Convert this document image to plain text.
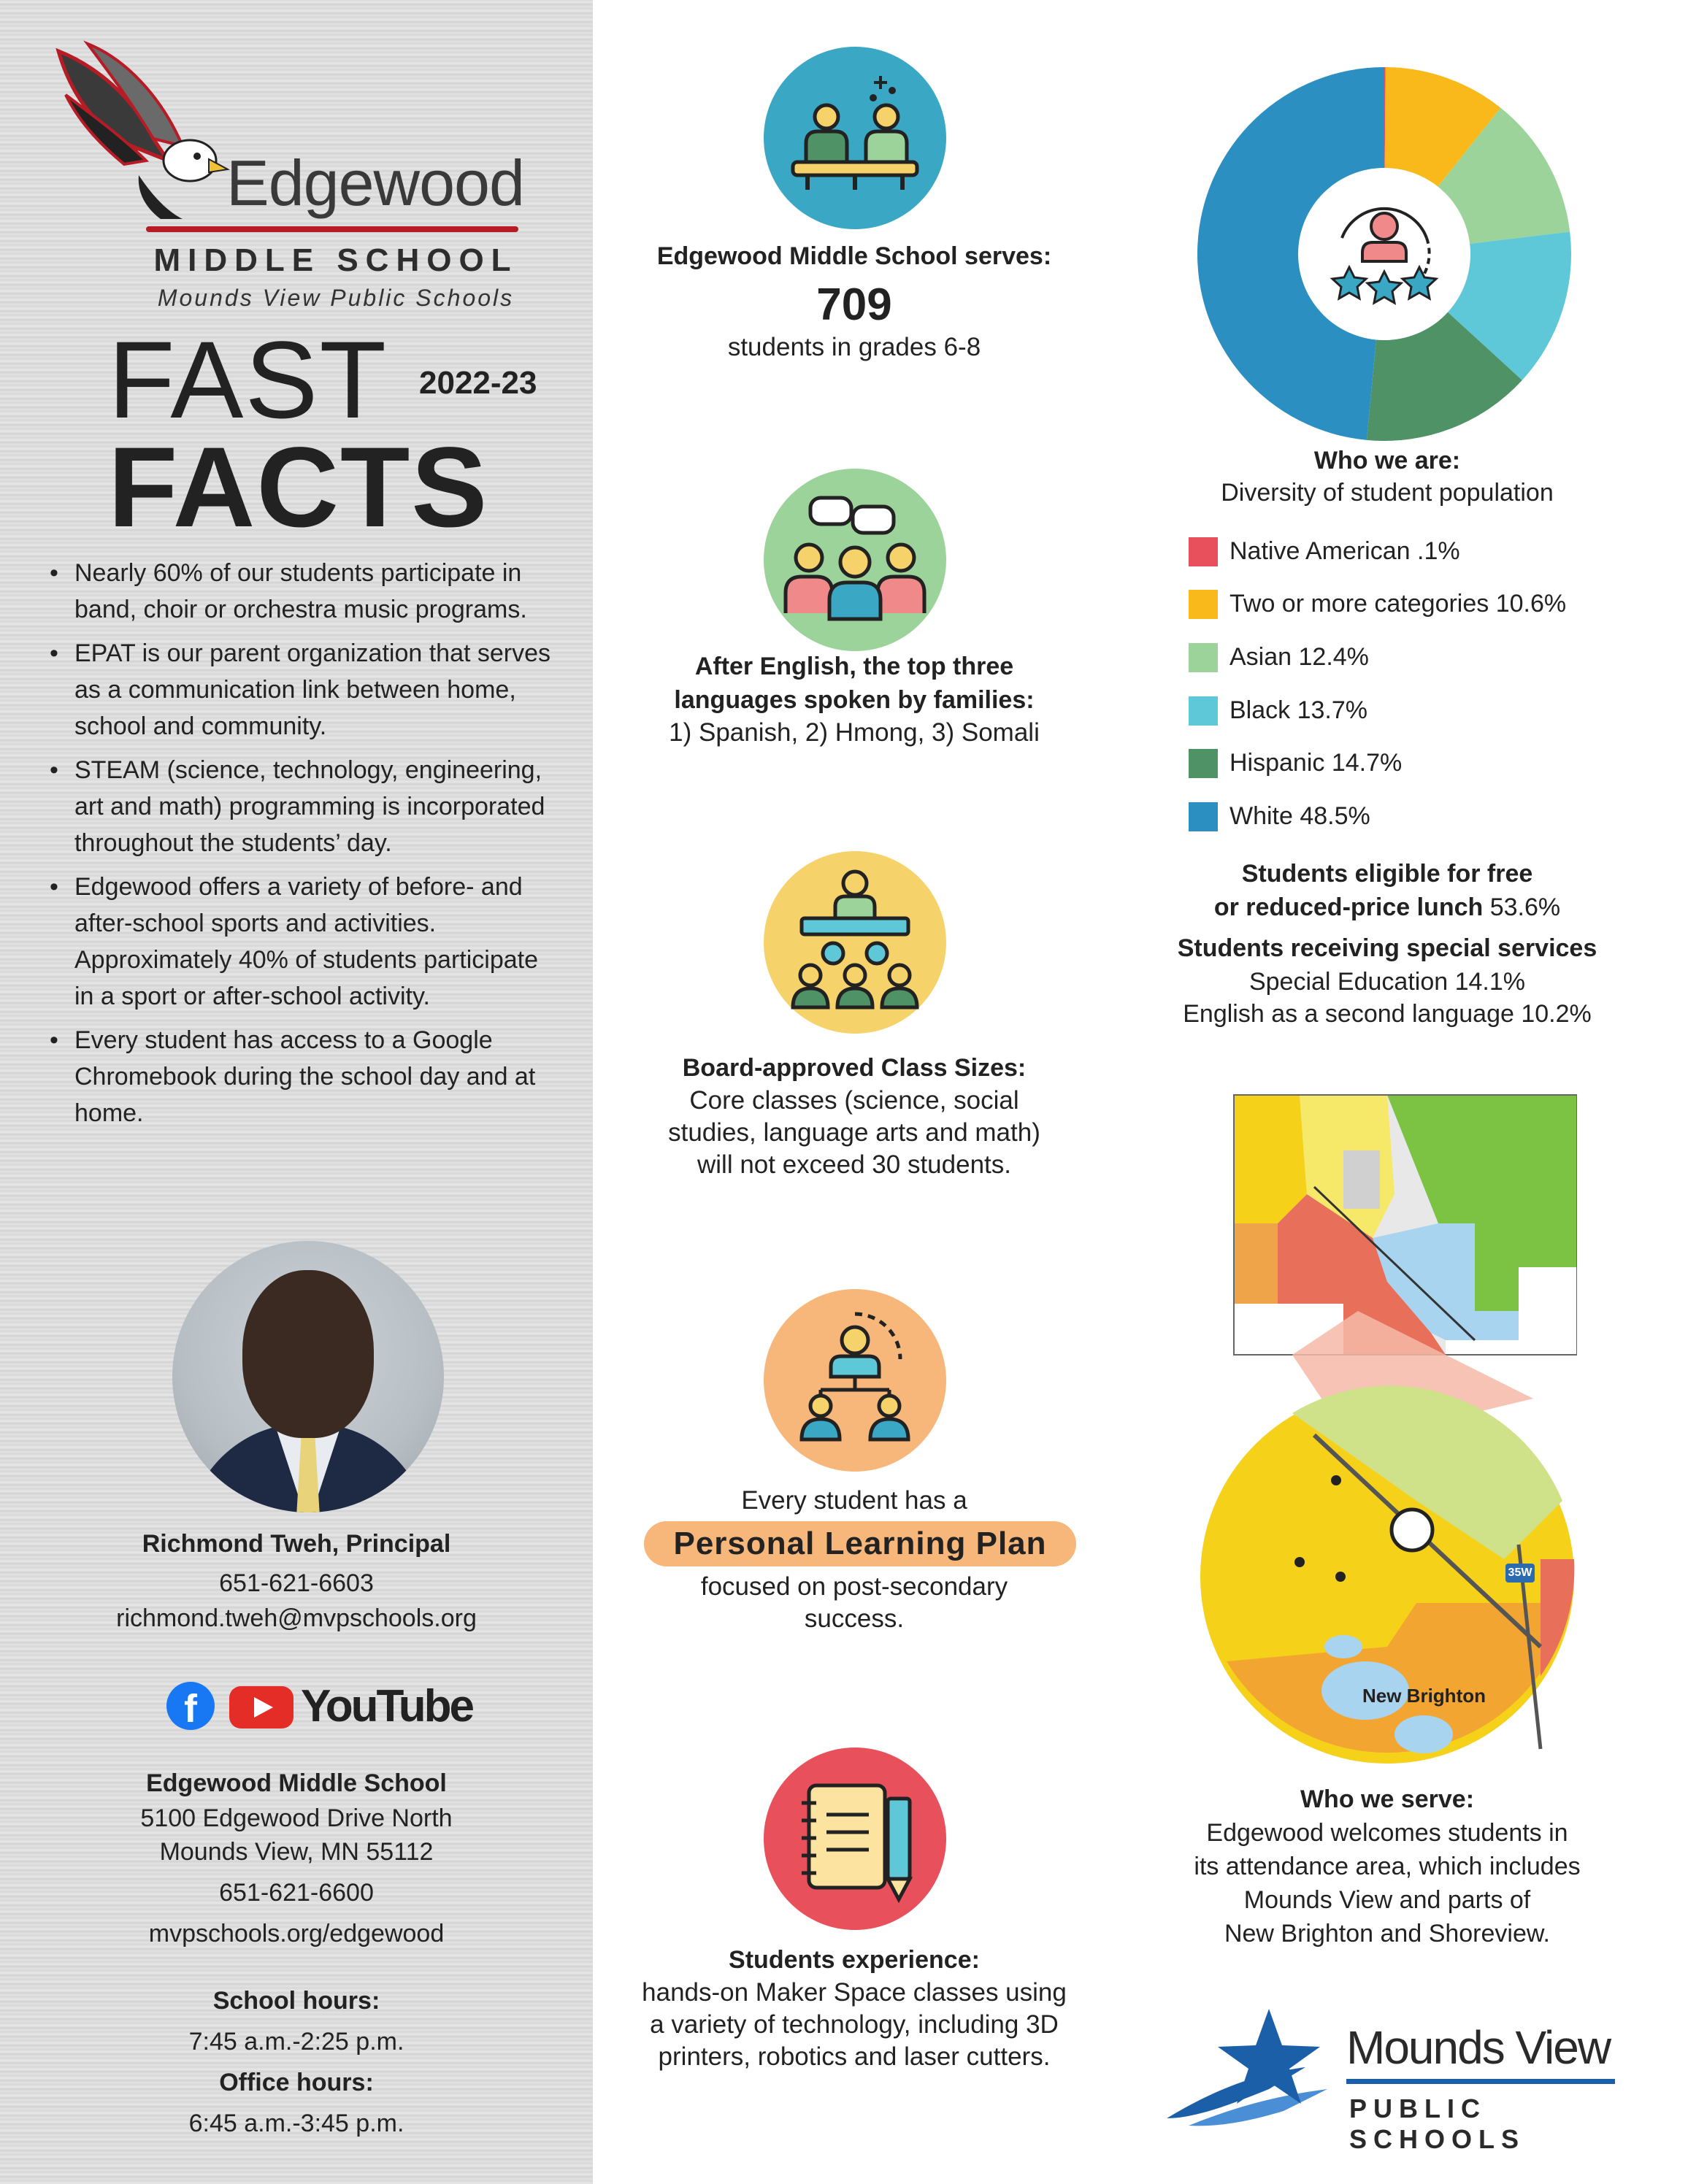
Edgewood
MIDDLE SCHOOL
Mounds View Public Schools
FAST 2022-23
FACTS
• Nearly 60% of our students participate in band, choir or orchestra music programs.
• EPAT is our parent organization that serves as a communication link between home, school and community.
• STEAM (science, technology, engineering, art and math) programming is incorporated throughout the students’ day.
• Edgewood offers a variety of before- and after-school sports and activities. Approximately 40% of students participate in a sport or after-school activity.
• Every student has access to a Google Chromebook during the school day and at home.
Richmond Tweh, Principal
651-621-6603
richmond.tweh@mvpschools.org
f	YouTube
Edgewood Middle School
5100 Edgewood Drive North
Mounds View, MN 55112
651-621-6600
mvpschools.org/edgewood
School hours:
7:45 a.m.-2:25 p.m.
Office hours:
6:45 a.m.-3:45 p.m.
Edgewood Middle School serves:
709
students in grades 6-8
After English, the top three
languages spoken by families:
1) Spanish, 2) Hmong, 3) Somali
Board-approved Class Sizes:
Core classes (science, social
studies, language arts and math)
will not exceed 30 students.
Every student has a
Personal Learning Plan
focused on post-secondary
success.
Students experience:
hands-on Maker Space classes using
a variety of technology, including 3D
printers, robotics and laser cutters.
Who we are:
Diversity of student population
Native American .1%
Two or more categories 10.6%
Asian 12.4%
Black 13.7%
Hispanic 14.7%
White 48.5%
Students eligible for free
or reduced-price lunch 53.6%
Students receiving special services
Special Education 14.1%
English as a second language 10.2%
New Brighton
35W
Who we serve:
Edgewood welcomes students in
its attendance area, which includes
Mounds View and parts of
New Brighton and Shoreview.
Mounds View
PUBLIC SCHOOLS
